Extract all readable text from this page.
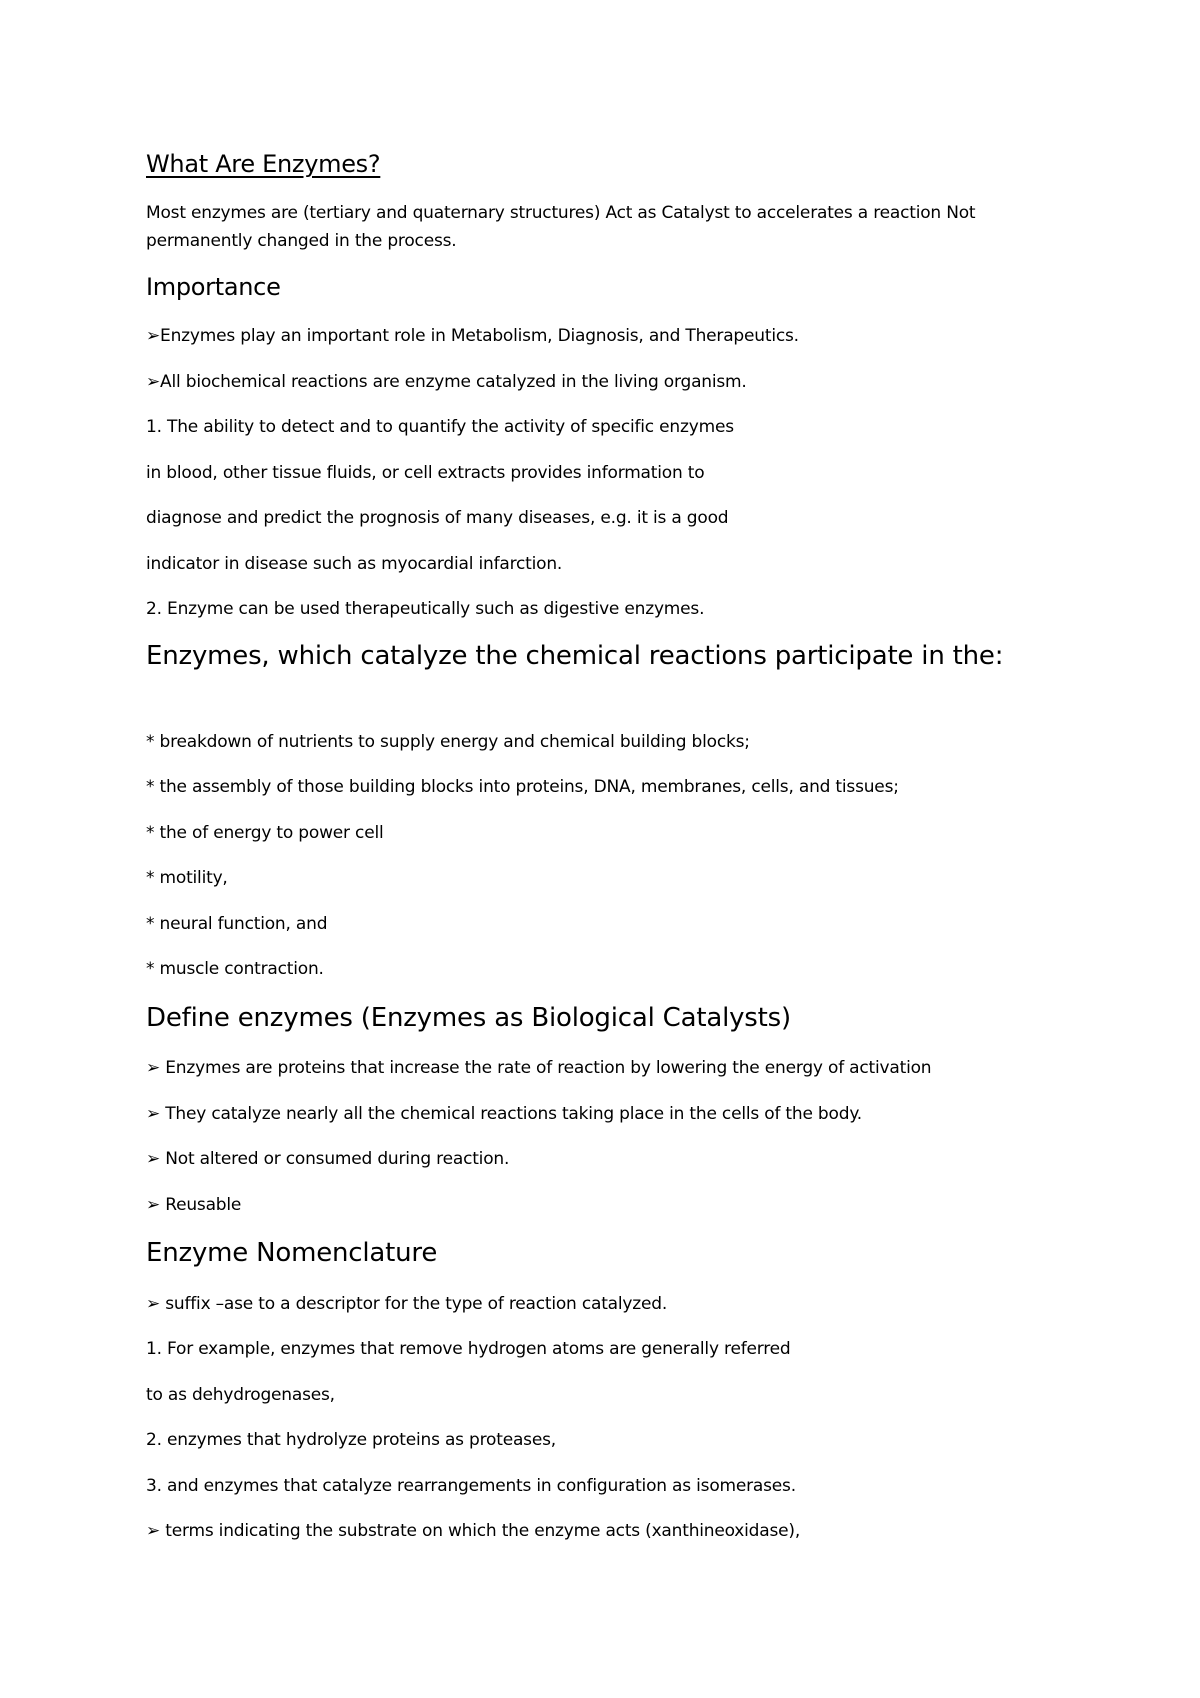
What Are Enzymes?

Most enzymes are (tertiary and quaternary structures) Act as Catalyst to accelerates a reaction Not permanently changed in the process.

Importance

➢Enzymes play an important role in Metabolism, Diagnosis, and Therapeutics.

➢All biochemical reactions are enzyme catalyzed in the living organism.

1. The ability to detect and to quantify the activity of specific enzymes

in blood, other tissue fluids, or cell extracts provides information to

diagnose and predict the prognosis of many diseases, e.g. it is a good

indicator in disease such as myocardial infarction.

2. Enzyme can be used therapeutically such as digestive enzymes.

Enzymes, which catalyze the chemical reactions participate in the:

* breakdown of nutrients to supply energy and chemical building blocks;

* the assembly of those building blocks into proteins, DNA, membranes, cells, and tissues;

* the of energy to power cell

* motility,

* neural function, and

* muscle contraction.

Define enzymes (Enzymes as Biological Catalysts)

➢ Enzymes are proteins that increase the rate of reaction by lowering the energy of activation

➢ They catalyze nearly all the chemical reactions taking place in the cells of the body.

➢ Not altered or consumed during reaction.

➢ Reusable

Enzyme Nomenclature

➢ suffix –ase to a descriptor for the type of reaction catalyzed.

1. For example, enzymes that remove hydrogen atoms are generally referred

to as dehydrogenases,

2. enzymes that hydrolyze proteins as proteases,

3. and enzymes that catalyze rearrangements in configuration as isomerases.

➢ terms indicating the substrate on which the enzyme acts (xanthineoxidase),
